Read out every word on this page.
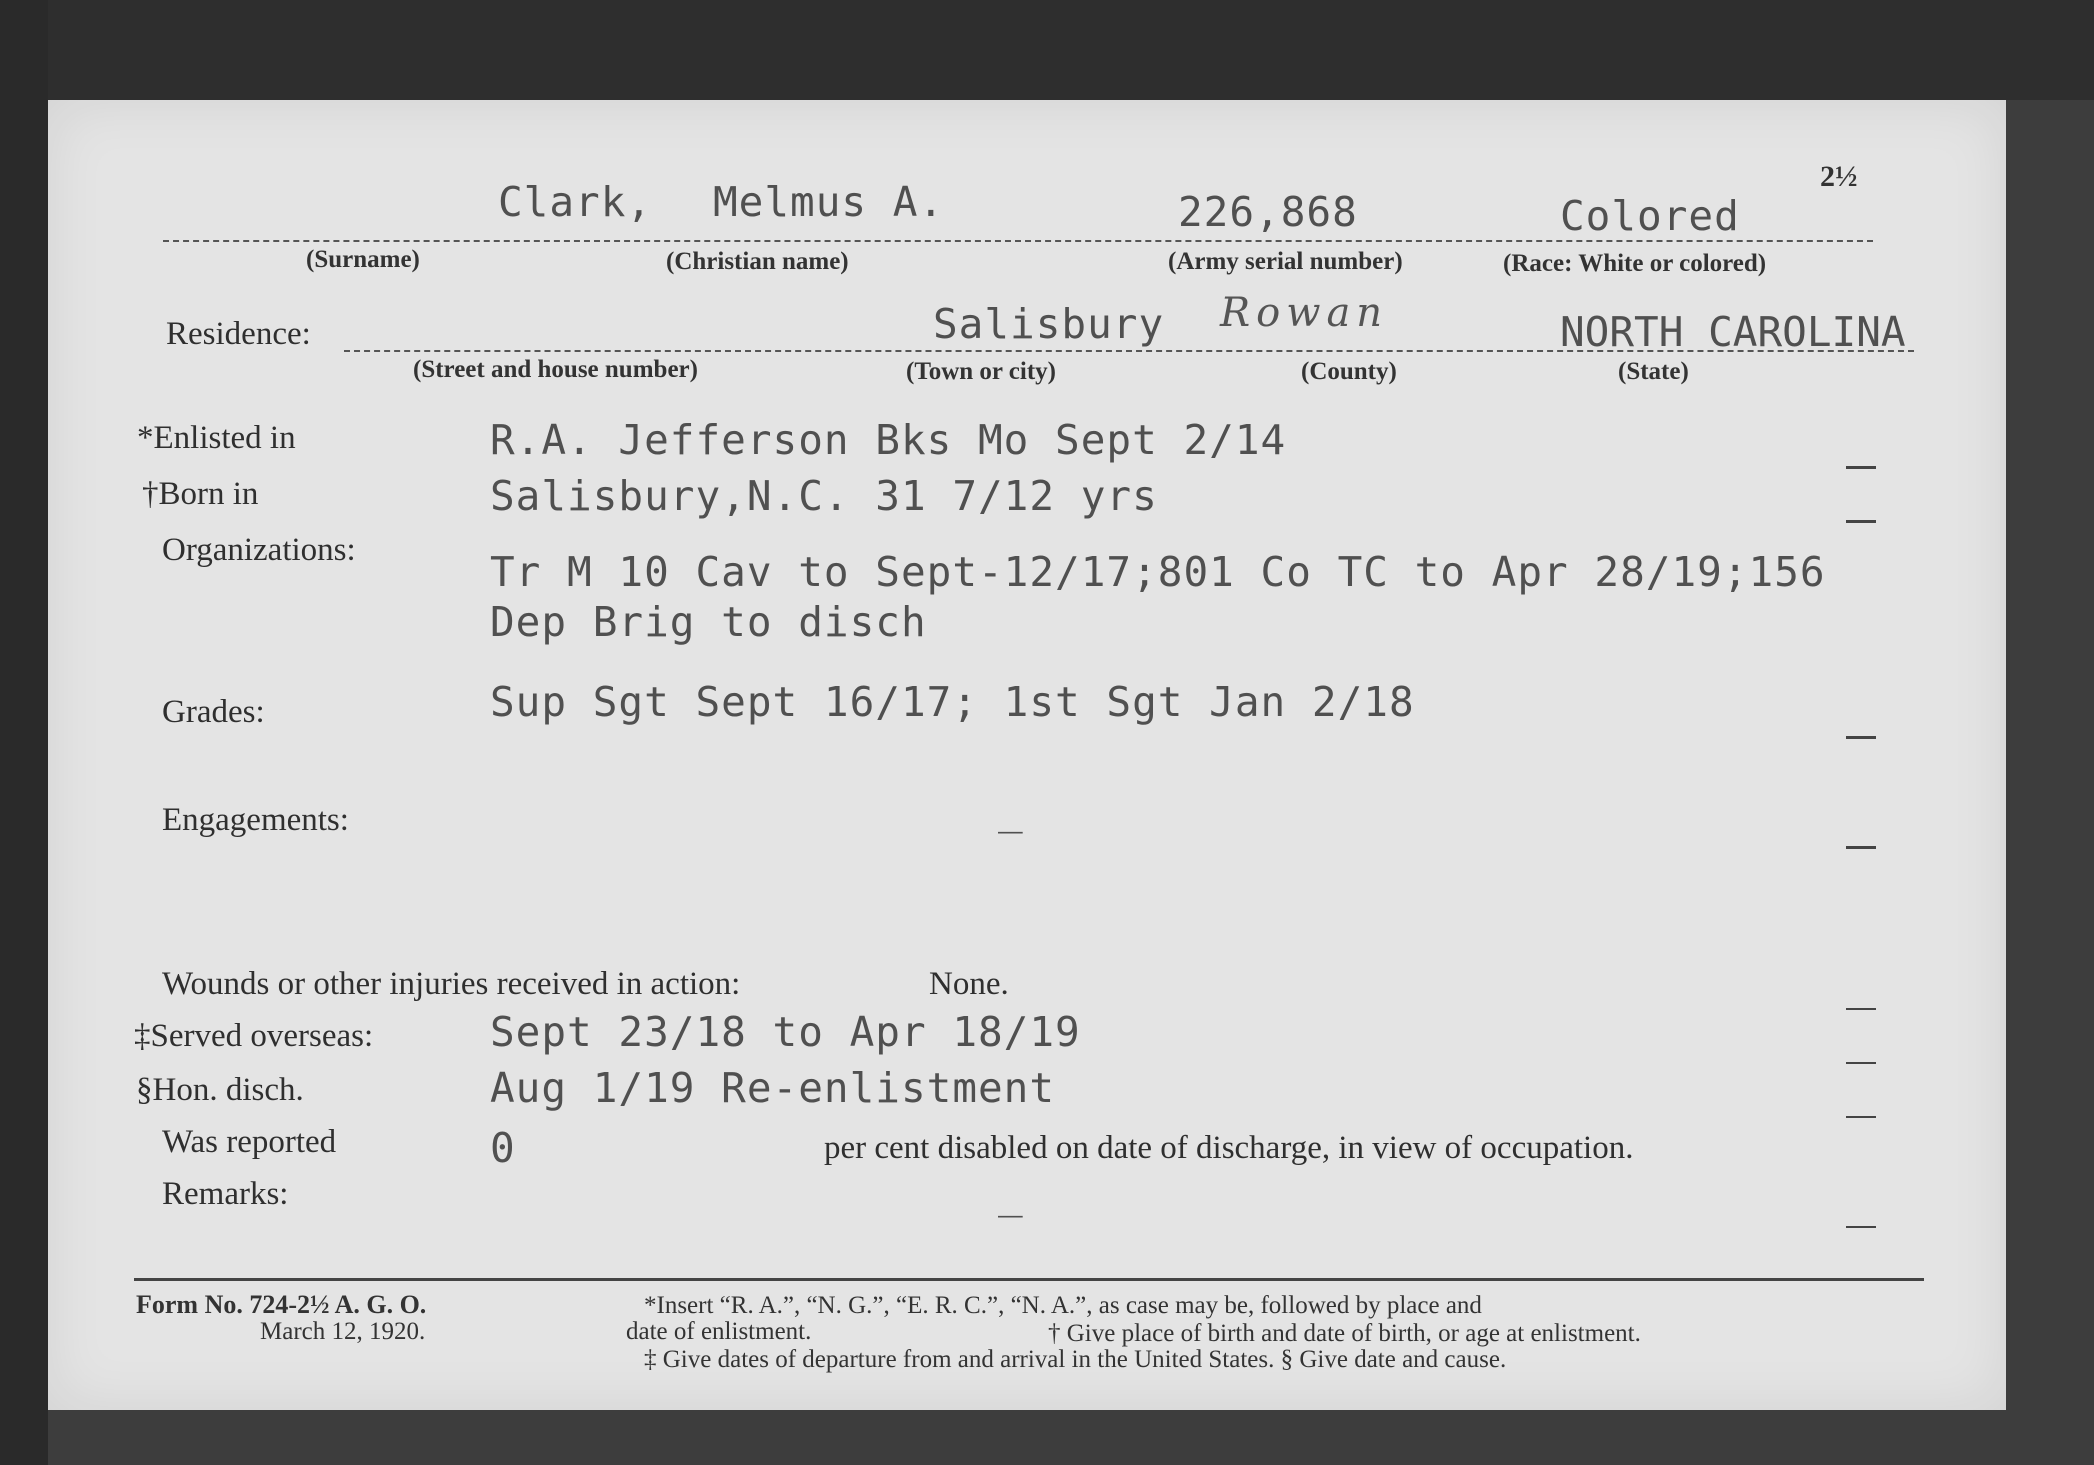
2½
Clark, Melmus A.	226,868	Colored
(Surname)	(Christian name)	(Army serial number)	(Race: White or colored)
Residence:	Salisbury Rowan	NORTH CAROLINA
(Street and house number)	(Town or city)	(County)	(State)
*Enlisted in	R.A. Jefferson Bks Mo Sept 2/14
†Born in	Salisbury,N.C. 31 7/12 yrs
Organizations:	Tr M 10 Cav to Sept-12/17;801 Co TC to Apr 28/19;156
Dep Brig to disch
Grades:	Sup Sgt Sept 16/17; 1st Sgt Jan 2/18
Engagements:	_
Wounds or other injuries received in action:	None.
‡Served overseas:	Sept 23/18 to Apr 18/19
§Hon. disch.	Aug 1/19 Re-enlistment
Was reported	0	per cent disabled on date of discharge, in view of occupation.
Remarks:	_
Form No. 724-2½ A. G. O.
March 12, 1920.
*Insert “R. A.”, “N. G.”, “E. R. C.”, “N. A.”, as case may be, followed by place and
date of enlistment.	† Give place of birth and date of birth, or age at enlistment.
‡ Give dates of departure from and arrival in the United States. § Give date and cause.
